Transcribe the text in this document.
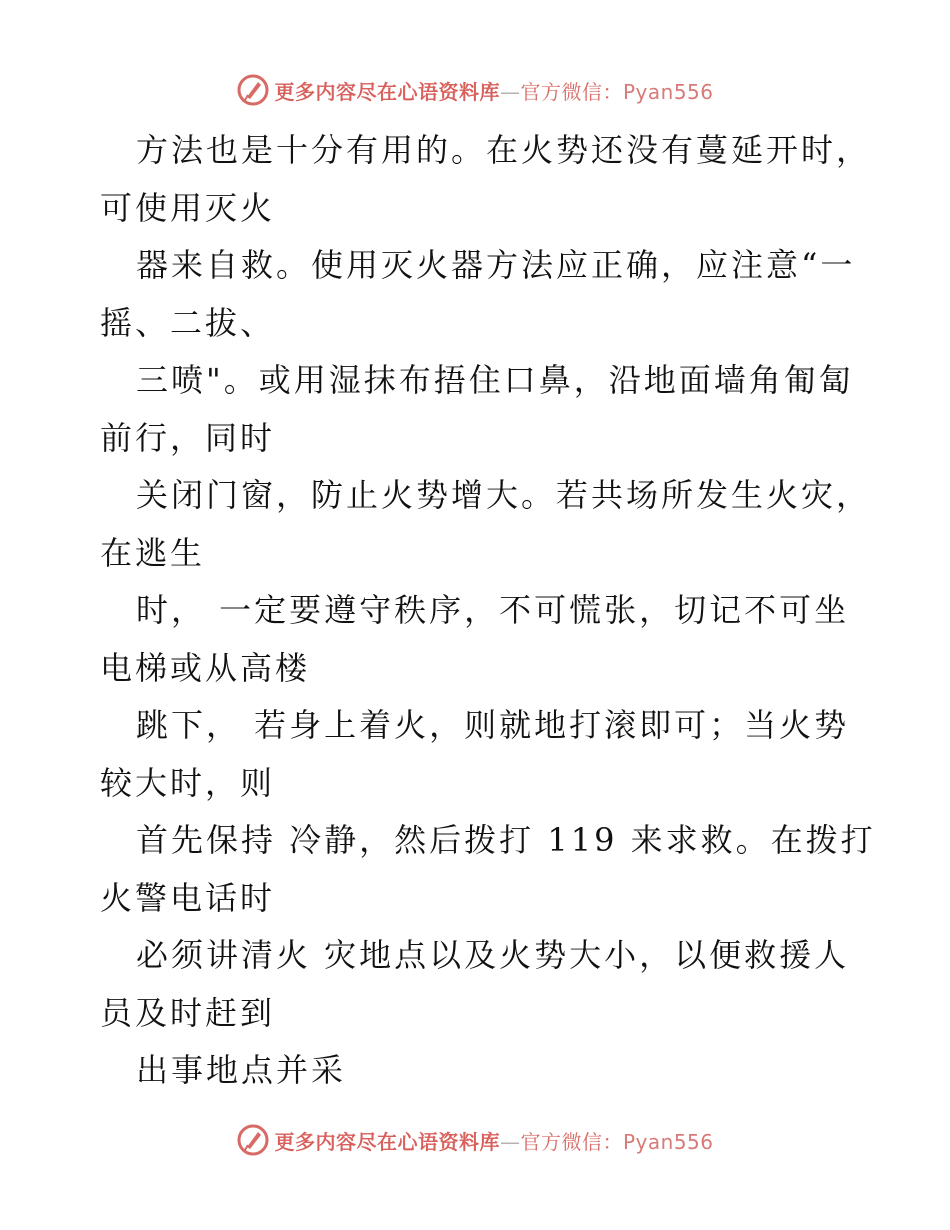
更多内容尽在心语资料库—官方微信：Pyan556
方法也是十分有用的。在火势还没有蔓延开时，
可使用灭火
器来自救。使用灭火器方法应正确，应注意“一
摇、二拔、
三喷"。或用湿抹布捂住口鼻，沿地面墙角匍匐
前行，同时
关闭门窗，防止火势增大。若共场所发生火灾，
在逃生
时， 一定要遵守秩序，不可慌张，切记不可坐
电梯或从高楼
跳下， 若身上着火，则就地打滚即可；当火势
较大时，则
首先保持 冷静，然后拨打 119 来求救。在拨打
火警电话时
必须讲清火 灾地点以及火势大小，以便救援人
员及时赶到
出事地点并采
更多内容尽在心语资料库—官方微信：Pyan556
